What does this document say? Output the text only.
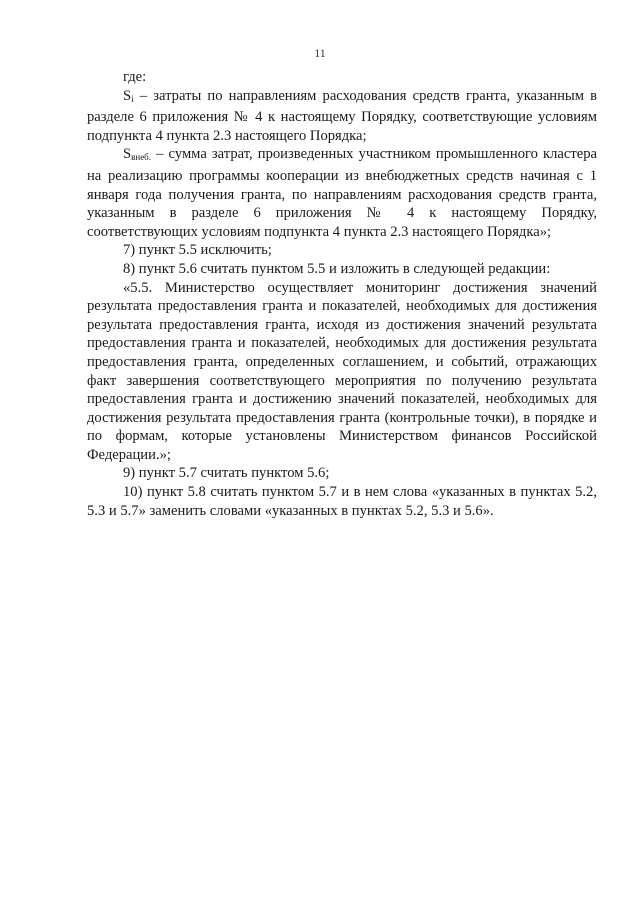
11

где:

$S_i$ – затраты по направлениям расходования средств гранта, указанным в разделе 6 приложения № 4 к настоящему Порядку, соответствующие условиям подпункта 4 пункта 2.3 настоящего Порядка;

$S_{внеб.}$ – сумма затрат, произведенных участником промышленного кластера на реализацию программы кооперации из внебюджетных средств начиная с 1 января года получения гранта, по направлениям расходования средств гранта, указанным в разделе 6 приложения № 4 к настоящему Порядку, соответствующих условиям подпункта 4 пункта 2.3 настоящего Порядка»;

7) пункт 5.5 исключить;

8) пункт 5.6 считать пунктом 5.5 и изложить в следующей редакции:

«5.5. Министерство осуществляет мониторинг достижения значений результата предоставления гранта и показателей, необходимых для достижения результата предоставления гранта, исходя из достижения значений результата предоставления гранта и показателей, необходимых для достижения результата предоставления гранта, определенных соглашением, и событий, отражающих факт завершения соответствующего мероприятия по получению результата предоставления гранта и достижению значений показателей, необходимых для достижения результата предоставления гранта (контрольные точки), в порядке и по формам, которые установлены Министерством финансов Российской Федерации.»;

9) пункт 5.7 считать пунктом 5.6;

10) пункт 5.8 считать пунктом 5.7 и в нем слова «указанных в пунктах 5.2, 5.3 и 5.7» заменить словами «указанных в пунктах 5.2, 5.3 и 5.6».
